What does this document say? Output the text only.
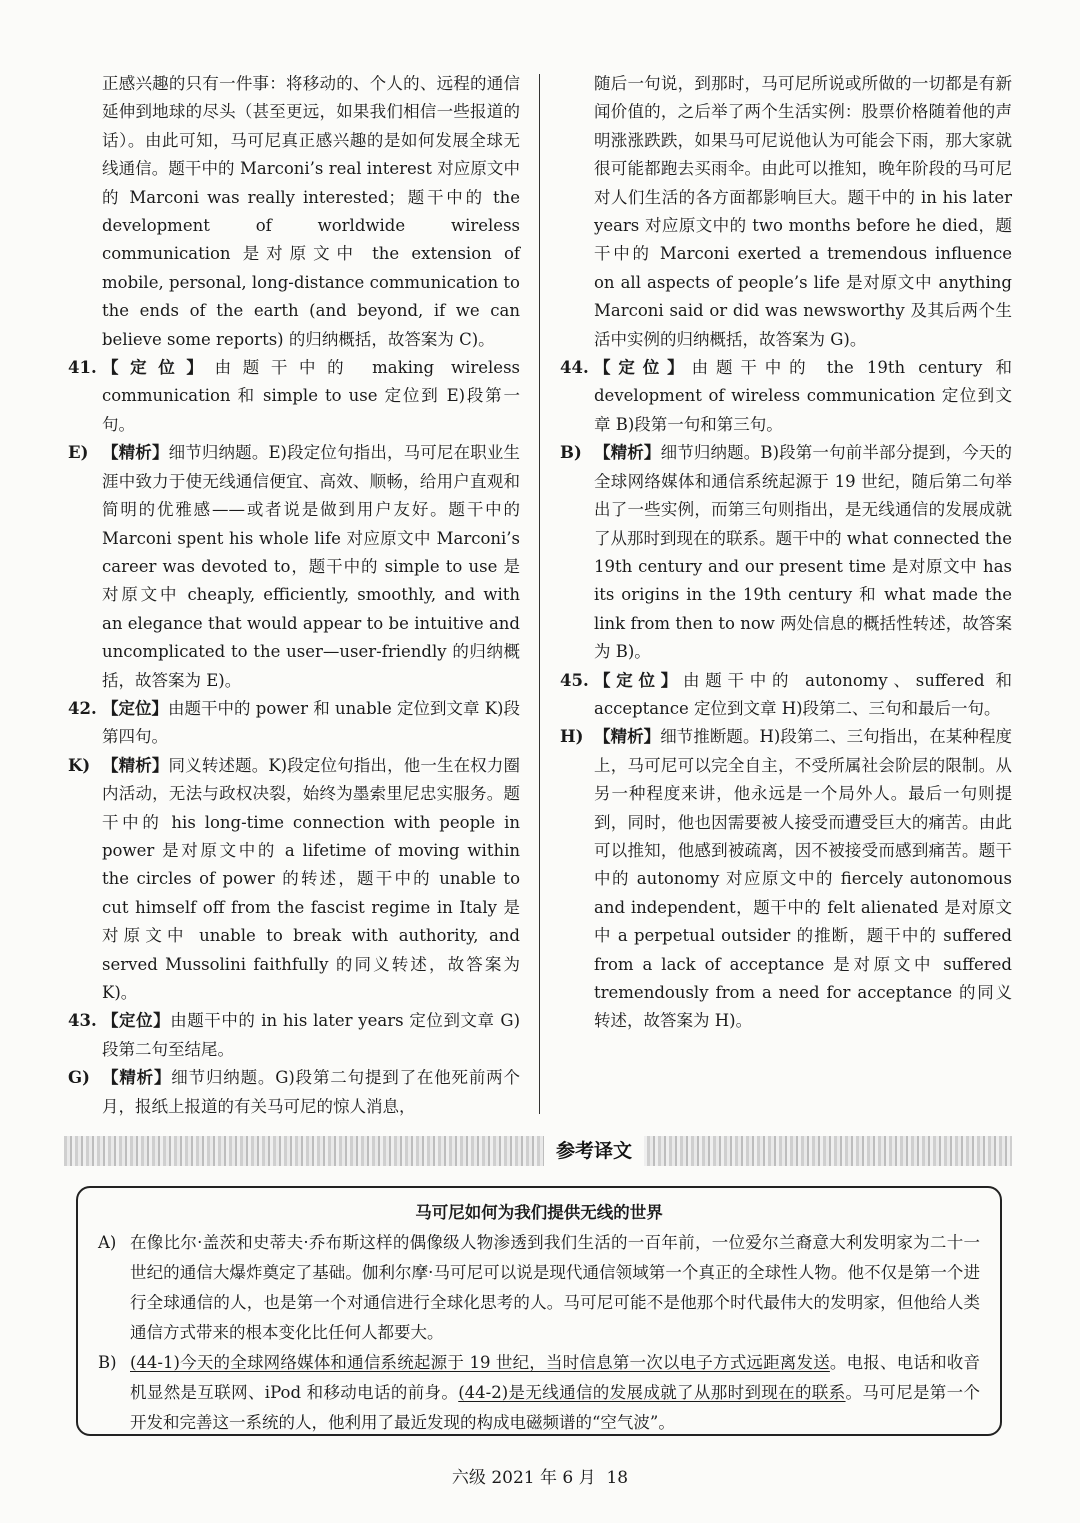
正感兴趣的只有一件事：将移动的、个人的、远程的通信延伸到地球的尽头（甚至更远，如果我们相信一些报道的话）。由此可知，马可尼真正感兴趣的是如何发展全球无线通信。题干中的 Marconi’s real interest 对应原文中的 Marconi was really interested；题干中的 the development of worldwide wireless communication 是对原文中 the extension of mobile, personal, long-distance communication to the ends of the earth (and beyond, if we can believe some reports) 的归纳概括，故答案为 C)。
41. 【定位】由题干中的 making wireless communication 和 simple to use 定位到 E)段第一句。
E) 【精析】细节归纳题。E)段定位句指出，马可尼在职业生涯中致力于使无线通信便宜、高效、顺畅，给用户直观和简明的优雅感——或者说是做到用户友好。题干中的 Marconi spent his whole life 对应原文中 Marconi’s career was devoted to，题干中的 simple to use 是对原文中 cheaply, efficiently, smoothly, and with an elegance that would appear to be intuitive and uncomplicated to the user—user-friendly 的归纳概括，故答案为 E)。
42. 【定位】由题干中的 power 和 unable 定位到文章 K)段第四句。
K) 【精析】同义转述题。K)段定位句指出，他一生在权力圈内活动，无法与政权决裂，始终为墨索里尼忠实服务。题干中的 his long-time connection with people in power 是对原文中的 a lifetime of moving within the circles of power 的转述，题干中的 unable to cut himself off from the fascist regime in Italy 是对原文中 unable to break with authority, and served Mussolini faithfully 的同义转述，故答案为 K)。
43. 【定位】由题干中的 in his later years 定位到文章 G)段第二句至结尾。
G) 【精析】细节归纳题。G)段第二句提到了在他死前两个月，报纸上报道的有关马可尼的惊人消息，
随后一句说，到那时，马可尼所说或所做的一切都是有新闻价值的，之后举了两个生活实例：股票价格随着他的声明涨涨跌跌，如果马可尼说他认为可能会下雨，那大家就很可能都跑去买雨伞。由此可以推知，晚年阶段的马可尼对人们生活的各方面都影响巨大。题干中的 in his later years 对应原文中的 two months before he died，题干中的 Marconi exerted a tremendous influence on all aspects of people’s life 是对原文中 anything Marconi said or did was newsworthy 及其后两个生活中实例的归纳概括，故答案为 G)。
44. 【定位】由题干中的 the 19th century 和 development of wireless communication 定位到文章 B)段第一句和第三句。
B) 【精析】细节归纳题。B)段第一句前半部分提到，今天的全球网络媒体和通信系统起源于 19 世纪，随后第二句举出了一些实例，而第三句则指出，是无线通信的发展成就了从那时到现在的联系。题干中的 what connected the 19th century and our present time 是对原文中 has its origins in the 19th century 和 what made the link from then to now 两处信息的概括性转述，故答案为 B)。
45. 【定位】由题干中的 autonomy、suffered 和 acceptance 定位到文章 H)段第二、三句和最后一句。
H) 【精析】细节推断题。H)段第二、三句指出，在某种程度上，马可尼可以完全自主，不受所属社会阶层的限制。从另一种程度来讲，他永远是一个局外人。最后一句则提到，同时，他也因需要被人接受而遭受巨大的痛苦。由此可以推知，他感到被疏离，因不被接受而感到痛苦。题干中的 autonomy 对应原文中的 fiercely autonomous and independent，题干中的 felt alienated 是对原文中 a perpetual outsider 的推断，题干中的 suffered from a lack of acceptance 是对原文中 suffered tremendously from a need for acceptance 的同义转述，故答案为 H)。
参考译文
马可尼如何为我们提供无线的世界
A) 在像比尔·盖茨和史蒂夫·乔布斯这样的偶像级人物渗透到我们生活的一百年前，一位爱尔兰裔意大利发明家为二十一世纪的通信大爆炸奠定了基础。伽利尔摩·马可尼可以说是现代通信领域第一个真正的全球性人物。他不仅是第一个进行全球通信的人，也是第一个对通信进行全球化思考的人。马可尼可能不是他那个时代最伟大的发明家，但他给人类通信方式带来的根本变化比任何人都要大。
B) (44-1)今天的全球网络媒体和通信系统起源于 19 世纪，当时信息第一次以电子方式远距离发送。电报、电话和收音机显然是互联网、iPod 和移动电话的前身。(44-2)是无线通信的发展成就了从那时到现在的联系。马可尼是第一个开发和完善这一系统的人，他利用了最近发现的构成电磁频谱的“空气波”。
六级 2021 年 6 月 18
